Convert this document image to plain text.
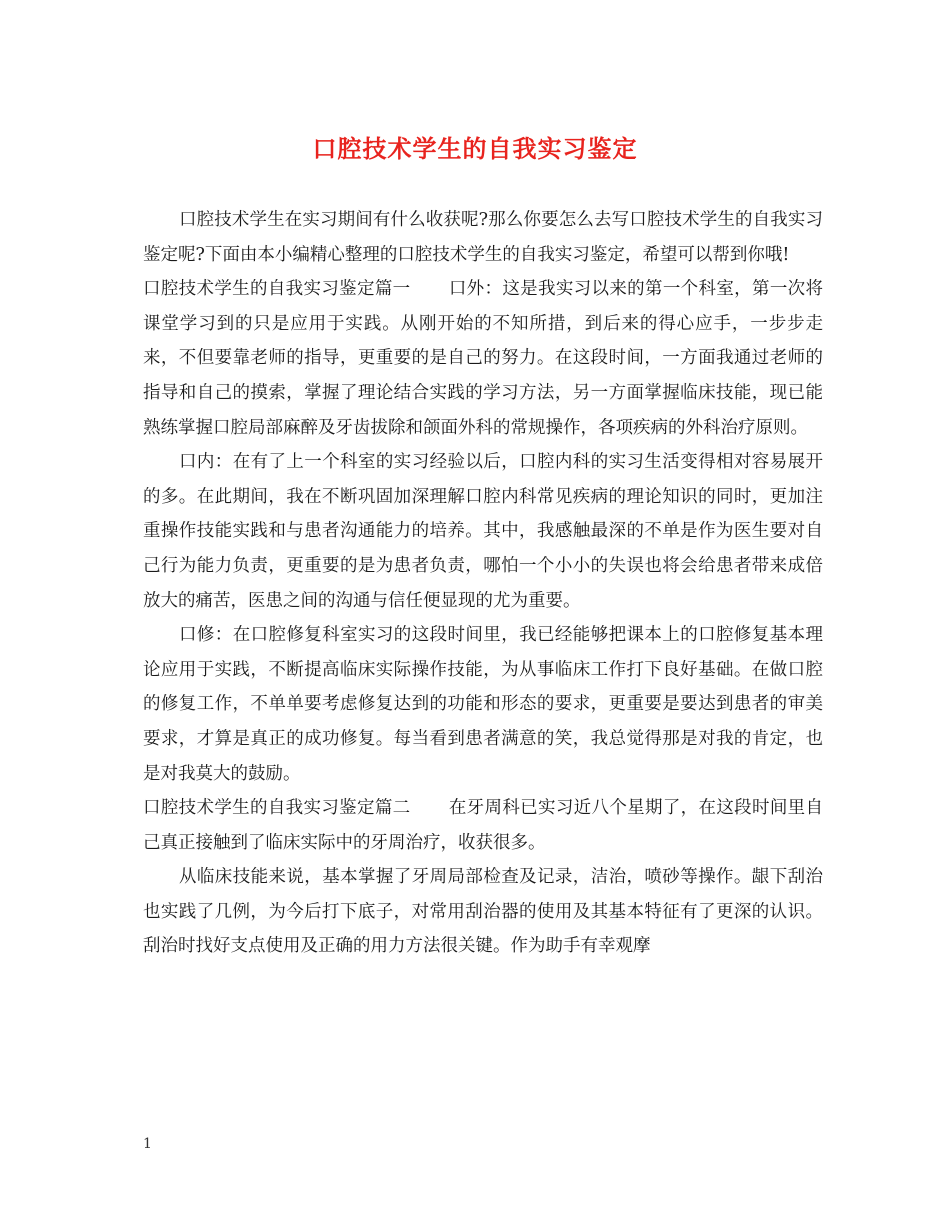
口腔技术学生的自我实习鉴定

口腔技术学生在实习期间有什么收获呢?那么你要怎么去写口腔技术学生的自我实习鉴定呢?下面由本小编精心整理的口腔技术学生的自我实习鉴定，希望可以帮到你哦!

口腔技术学生的自我实习鉴定篇一 口外：这是我实习以来的第一个科室，第一次将课堂学习到的只是应用于实践。从刚开始的不知所措，到后来的得心应手，一步步走来，不但要靠老师的指导，更重要的是自己的努力。在这段时间，一方面我通过老师的指导和自己的摸索，掌握了理论结合实践的学习方法，另一方面掌握临床技能，现已能熟练掌握口腔局部麻醉及牙齿拔除和颌面外科的常规操作，各项疾病的外科治疗原则。

口内：在有了上一个科室的实习经验以后，口腔内科的实习生活变得相对容易展开的多。在此期间，我在不断巩固加深理解口腔内科常见疾病的理论知识的同时，更加注重操作技能实践和与患者沟通能力的培养。其中，我感触最深的不单是作为医生要对自己行为能力负责，更重要的是为患者负责，哪怕一个小小的失误也将会给患者带来成倍放大的痛苦，医患之间的沟通与信任便显现的尤为重要。

口修：在口腔修复科室实习的这段时间里，我已经能够把课本上的口腔修复基本理论应用于实践，不断提高临床实际操作技能，为从事临床工作打下良好基础。在做口腔的修复工作，不单单要考虑修复达到的功能和形态的要求，更重要是要达到患者的审美要求，才算是真正的成功修复。每当看到患者满意的笑，我总觉得那是对我的肯定，也是对我莫大的鼓励。

口腔技术学生的自我实习鉴定篇二 在牙周科已实习近八个星期了，在这段时间里自己真正接触到了临床实际中的牙周治疗，收获很多。

从临床技能来说，基本掌握了牙周局部检查及记录，洁治，喷砂等操作。龈下刮治也实践了几例，为今后打下底子，对常用刮治器的使用及其基本特征有了更深的认识。刮治时找好支点使用及正确的用力方法很关键。作为助手有幸观摩

1
